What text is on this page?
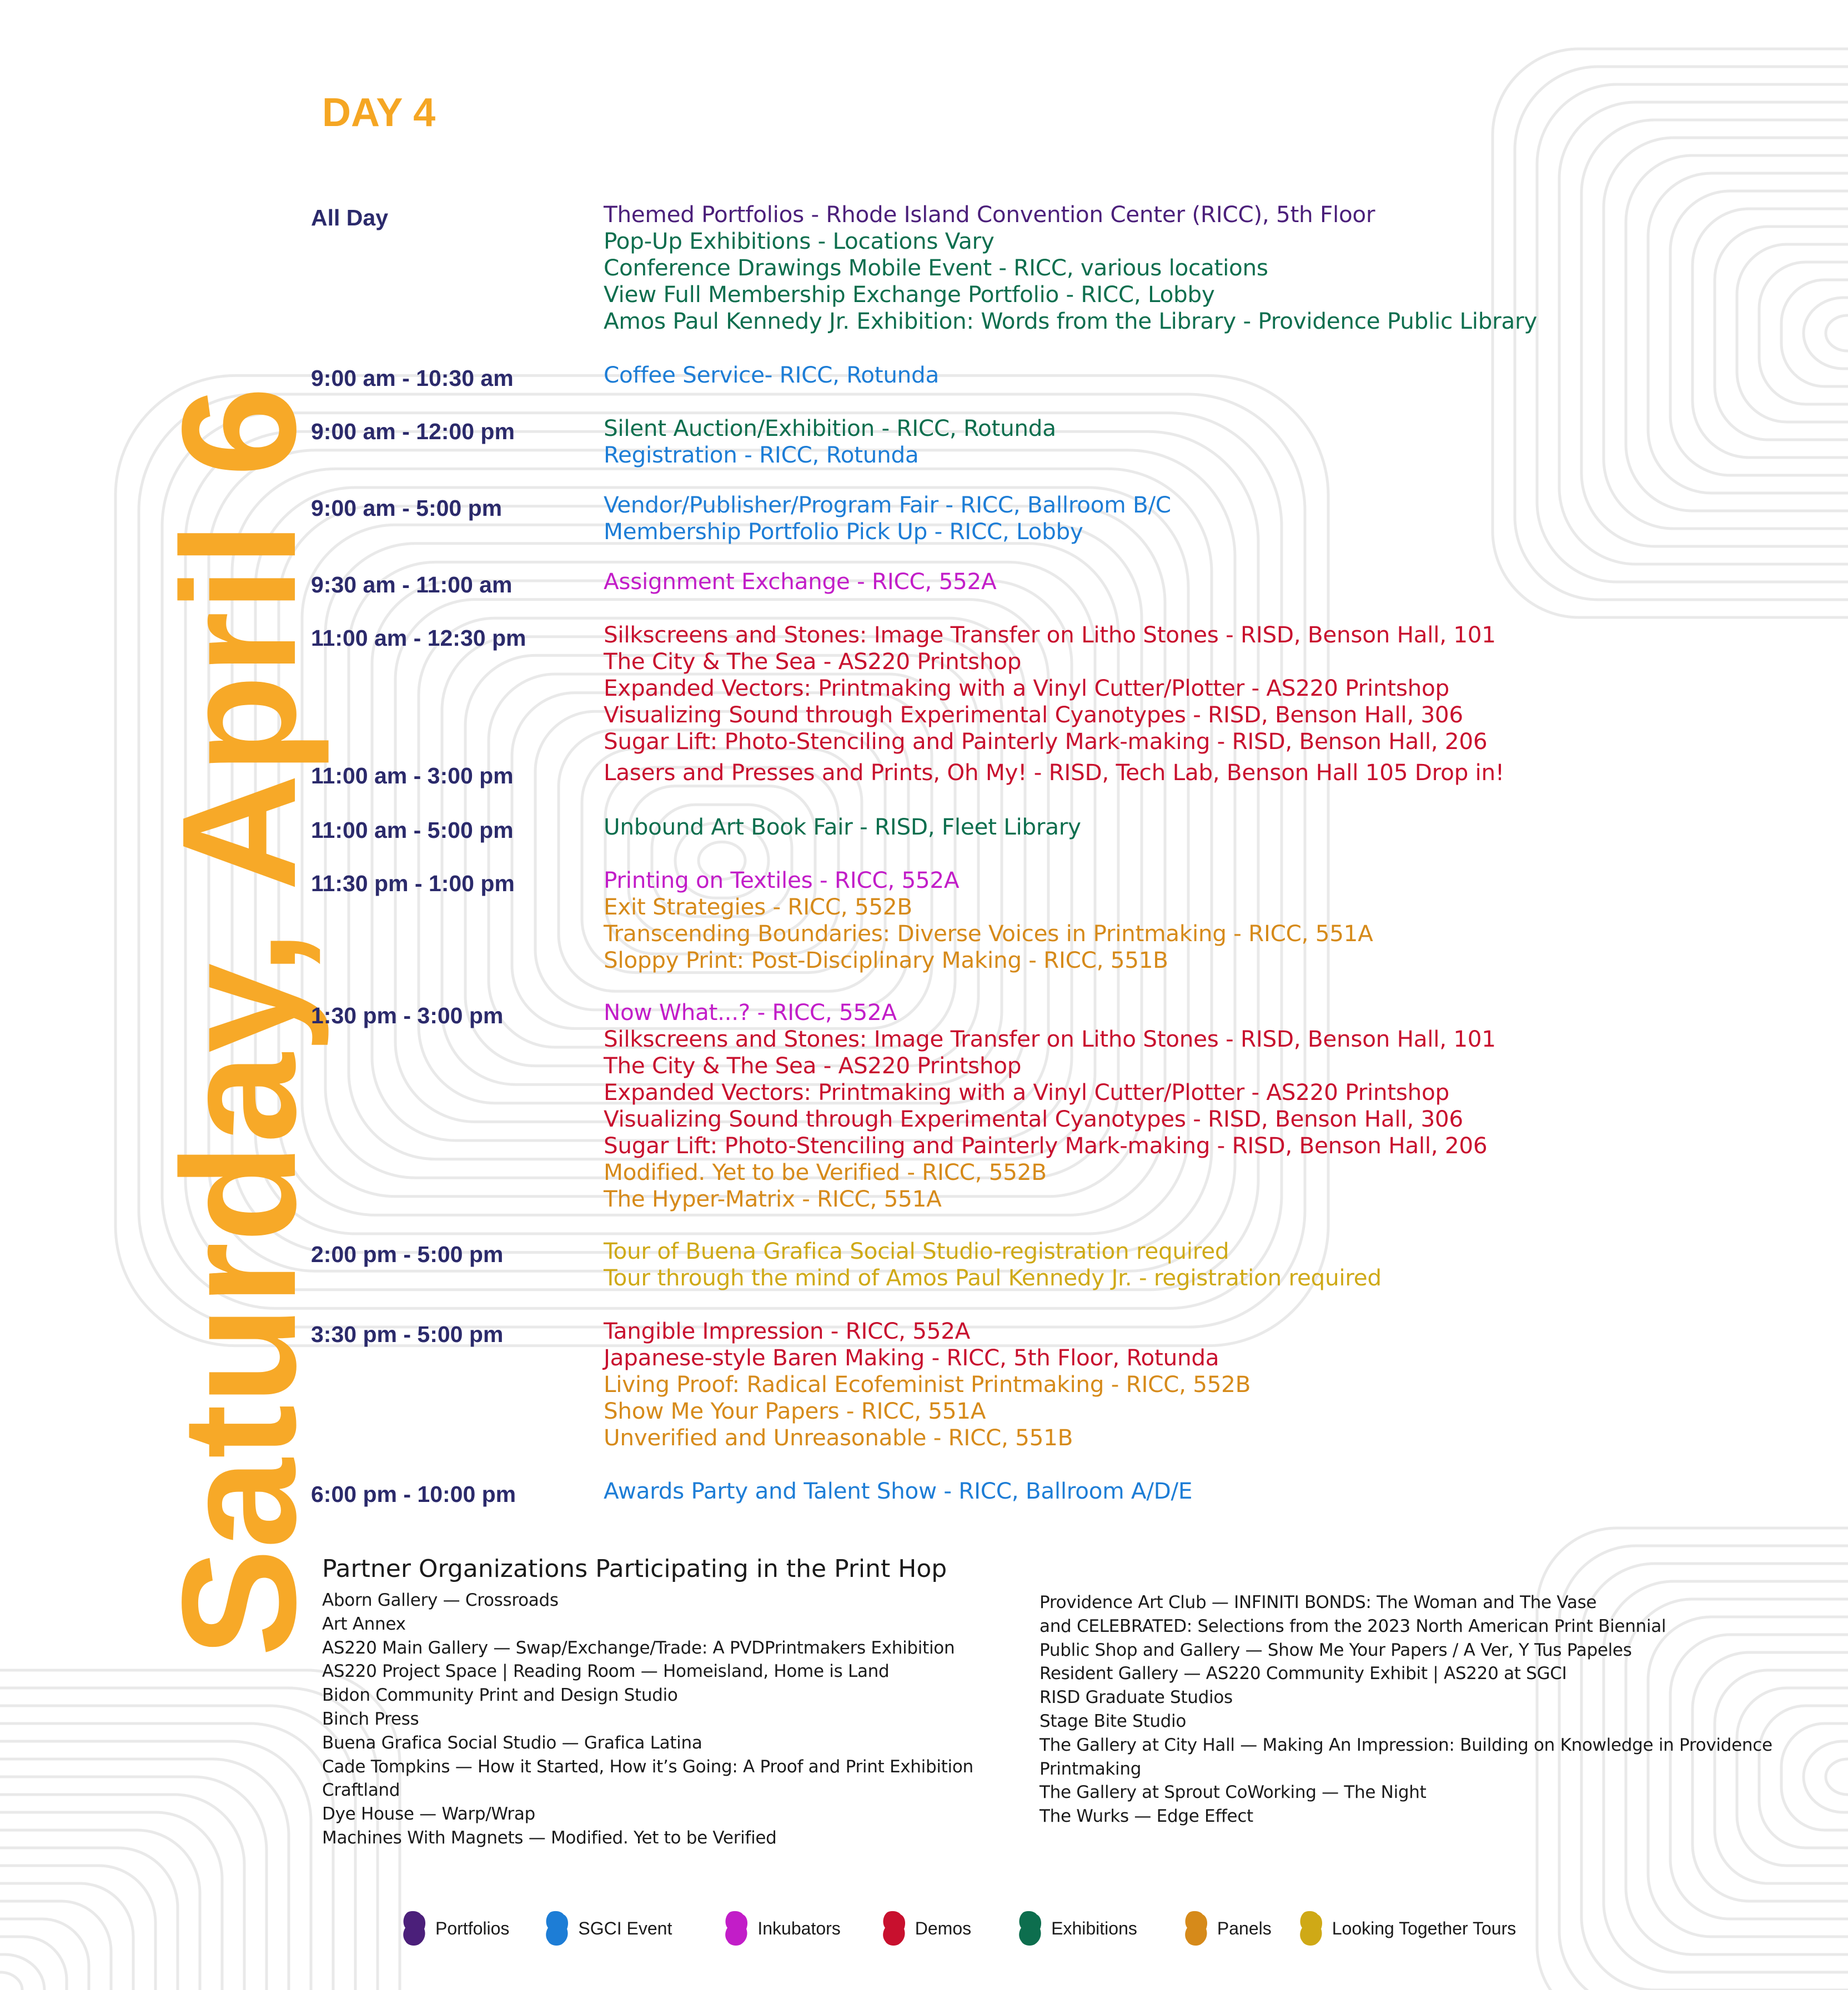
Saturday, April 6
DAY 4
All Day	Themed Portfolios - Rhode Island Convention Center (RICC), 5th Floor
Pop-Up Exhibitions - Locations Vary
Conference Drawings Mobile Event - RICC, various locations
View Full Membership Exchange Portfolio - RICC, Lobby
Amos Paul Kennedy Jr. Exhibition: Words from the Library - Providence Public Library
9:00 am - 10:30 am	Coffee Service- RICC, Rotunda
9:00 am - 12:00 pm	Silent Auction/Exhibition - RICC, Rotunda
Registration - RICC, Rotunda
9:00 am - 5:00 pm	Vendor/Publisher/Program Fair - RICC, Ballroom B/C
Membership Portfolio Pick Up - RICC, Lobby
9:30 am - 11:00 am	Assignment Exchange - RICC, 552A
11:00 am - 12:30 pm	Silkscreens and Stones: Image Transfer on Litho Stones - RISD, Benson Hall, 101
The City & The Sea - AS220 Printshop
Expanded Vectors: Printmaking with a Vinyl Cutter/Plotter - AS220 Printshop
Visualizing Sound through Experimental Cyanotypes - RISD, Benson Hall, 306
Sugar Lift: Photo-Stenciling and Painterly Mark-making - RISD, Benson Hall, 206
11:00 am - 3:00 pm	Lasers and Presses and Prints, Oh My! - RISD, Tech Lab, Benson Hall 105 Drop in!
11:00 am - 5:00 pm	Unbound Art Book Fair - RISD, Fleet Library
11:30 pm - 1:00 pm	Printing on Textiles - RICC, 552A
Exit Strategies - RICC, 552B
Transcending Boundaries: Diverse Voices in Printmaking - RICC, 551A
Sloppy Print: Post-Disciplinary Making - RICC, 551B
1:30 pm - 3:00 pm	Now What...? - RICC, 552A
Silkscreens and Stones: Image Transfer on Litho Stones - RISD, Benson Hall, 101
The City & The Sea - AS220 Printshop
Expanded Vectors: Printmaking with a Vinyl Cutter/Plotter - AS220 Printshop
Visualizing Sound through Experimental Cyanotypes - RISD, Benson Hall, 306
Sugar Lift: Photo-Stenciling and Painterly Mark-making - RISD, Benson Hall, 206
Modified. Yet to be Verified - RICC, 552B
The Hyper-Matrix - RICC, 551A
2:00 pm - 5:00 pm	Tour of Buena Grafica Social Studio-registration required
Tour through the mind of Amos Paul Kennedy Jr. - registration required
3:30 pm - 5:00 pm	Tangible Impression - RICC, 552A
Japanese-style Baren Making - RICC, 5th Floor, Rotunda
Living Proof: Radical Ecofeminist Printmaking - RICC, 552B
Show Me Your Papers - RICC, 551A
Unverified and Unreasonable - RICC, 551B
6:00 pm - 10:00 pm	Awards Party and Talent Show - RICC, Ballroom A/D/E
Partner Organizations Participating in the Print Hop
Aborn Gallery — Crossroads
Art Annex
AS220 Main Gallery — Swap/Exchange/Trade: A PVDPrintmakers Exhibition
AS220 Project Space | Reading Room — Homeisland, Home is Land
Bidon Community Print and Design Studio
Binch Press
Buena Grafica Social Studio — Grafica Latina
Cade Tompkins — How it Started, How it’s Going: A Proof and Print Exhibition
Craftland
Dye House — Warp/Wrap
Machines With Magnets — Modified. Yet to be Verified
Providence Art Club — INFINITI BONDS: The Woman and The Vase
and CELEBRATED: Selections from the 2023 North American Print Biennial
Public Shop and Gallery — Show Me Your Papers / A Ver, Y Tus Papeles
Resident Gallery — AS220 Community Exhibit | AS220 at SGCI
RISD Graduate Studios
Stage Bite Studio
The Gallery at City Hall — Making An Impression: Building on Knowledge in Providence
Printmaking
The Gallery at Sprout CoWorking — The Night
The Wurks — Edge Effect
Portfolios	SGCI Event	Inkubators	Demos	Exhibitions	Panels	Looking Together Tours
